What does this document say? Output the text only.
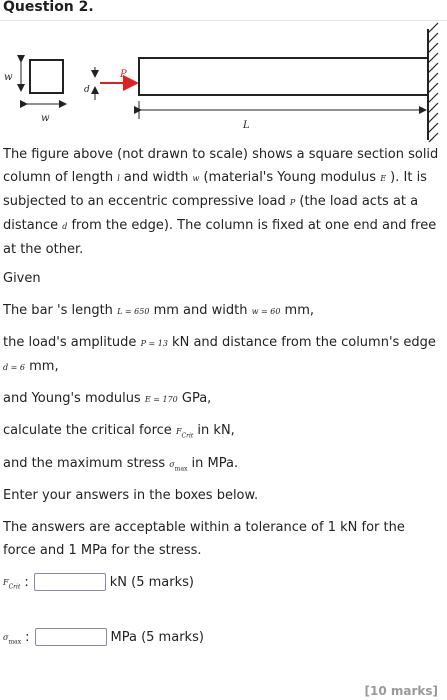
Question 2.
w
w
d
P
L
The figure above (not drawn to scale) shows a square section solid column of length l and width w (material's Young modulus E ). It is subjected to an eccentric compressive load P (the load acts at a distance d from the edge). The column is fixed at one end and free at the other.
Given
The bar 's length L = 650 mm and width w = 60 mm,
the load's amplitude P = 13 kN and distance from the column's edge d = 6 mm,
and Young's modulus E = 170 GPa,
calculate the critical force $F_{Crit}$ in kN,
and the maximum stress $\sigma_{max}$ in MPa.
Enter your answers in the boxes below.
The answers are acceptable within a tolerance of 1 kN for the force and 1 MPa for the stress.
$F_{Crit}$ :	kN (5 marks)
$\sigma_{max}$ :	MPa (5 marks)
[10 marks]
